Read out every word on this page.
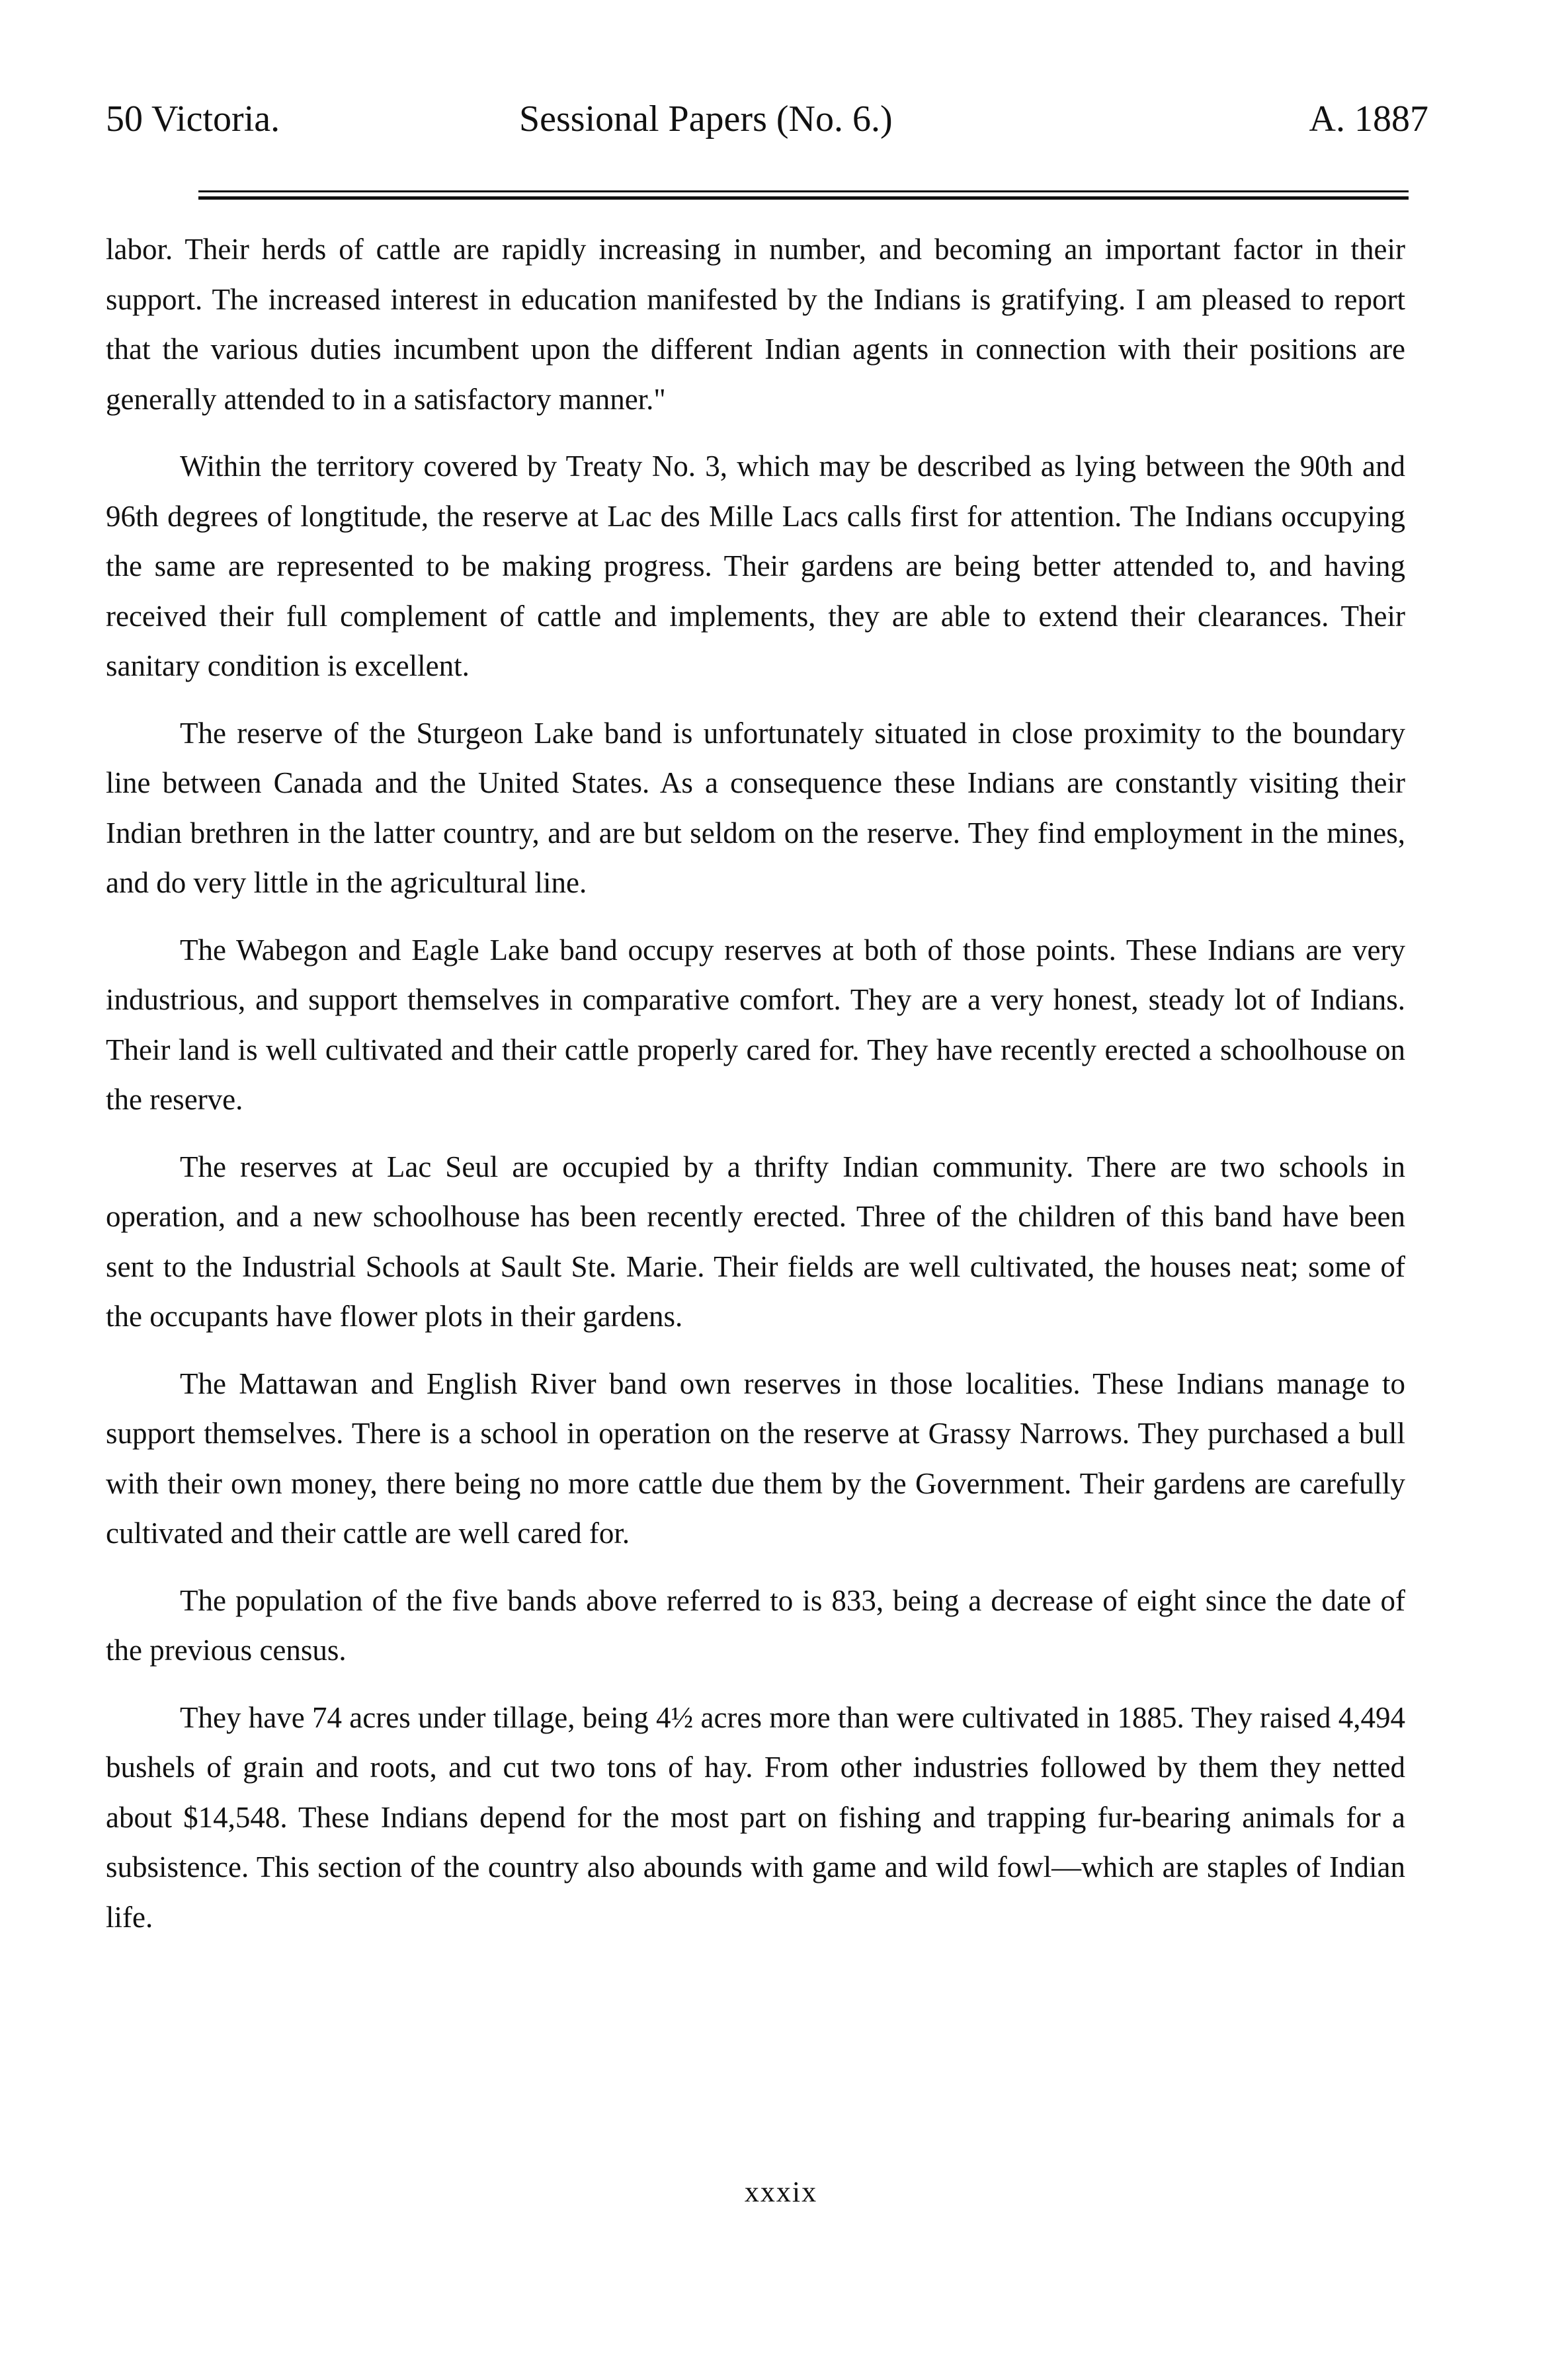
50 Victoria.	Sessional Papers (No. 6.)	A. 1887

labor. Their herds of cattle are rapidly increasing in number, and becoming an important factor in their support. The increased interest in education manifested by the Indians is gratifying. I am pleased to report that the various duties incumbent upon the different Indian agents in connection with their positions are generally attended to in a satisfactory manner."

Within the territory covered by Treaty No. 3, which may be described as lying between the 90th and 96th degrees of longtitude, the reserve at Lac des Mille Lacs calls first for attention. The Indians occupying the same are represented to be making progress. Their gardens are being better attended to, and having received their full complement of cattle and implements, they are able to extend their clearances. Their sanitary condition is excellent.

The reserve of the Sturgeon Lake band is unfortunately situated in close proximity to the boundary line between Canada and the United States. As a consequence these Indians are constantly visiting their Indian brethren in the latter country, and are but seldom on the reserve. They find employment in the mines, and do very little in the agricultural line.

The Wabegon and Eagle Lake band occupy reserves at both of those points. These Indians are very industrious, and support themselves in comparative comfort. They are a very honest, steady lot of Indians. Their land is well cultivated and their cattle properly cared for. They have recently erected a schoolhouse on the reserve.

The reserves at Lac Seul are occupied by a thrifty Indian community. There are two schools in operation, and a new schoolhouse has been recently erected. Three of the children of this band have been sent to the Industrial Schools at Sault Ste. Marie. Their fields are well cultivated, the houses neat; some of the occupants have flower plots in their gardens.

The Mattawan and English River band own reserves in those localities. These Indians manage to support themselves. There is a school in operation on the reserve at Grassy Narrows. They purchased a bull with their own money, there being no more cattle due them by the Government. Their gardens are carefully cultivated and their cattle are well cared for.

The population of the five bands above referred to is 833, being a decrease of eight since the date of the previous census.

They have 74 acres under tillage, being 4½ acres more than were cultivated in 1885. They raised 4,494 bushels of grain and roots, and cut two tons of hay. From other industries followed by them they netted about $14,548. These Indians depend for the most part on fishing and trapping fur-bearing animals for a subsistence. This section of the country also abounds with game and wild fowl—which are staples of Indian life.

xxxix
